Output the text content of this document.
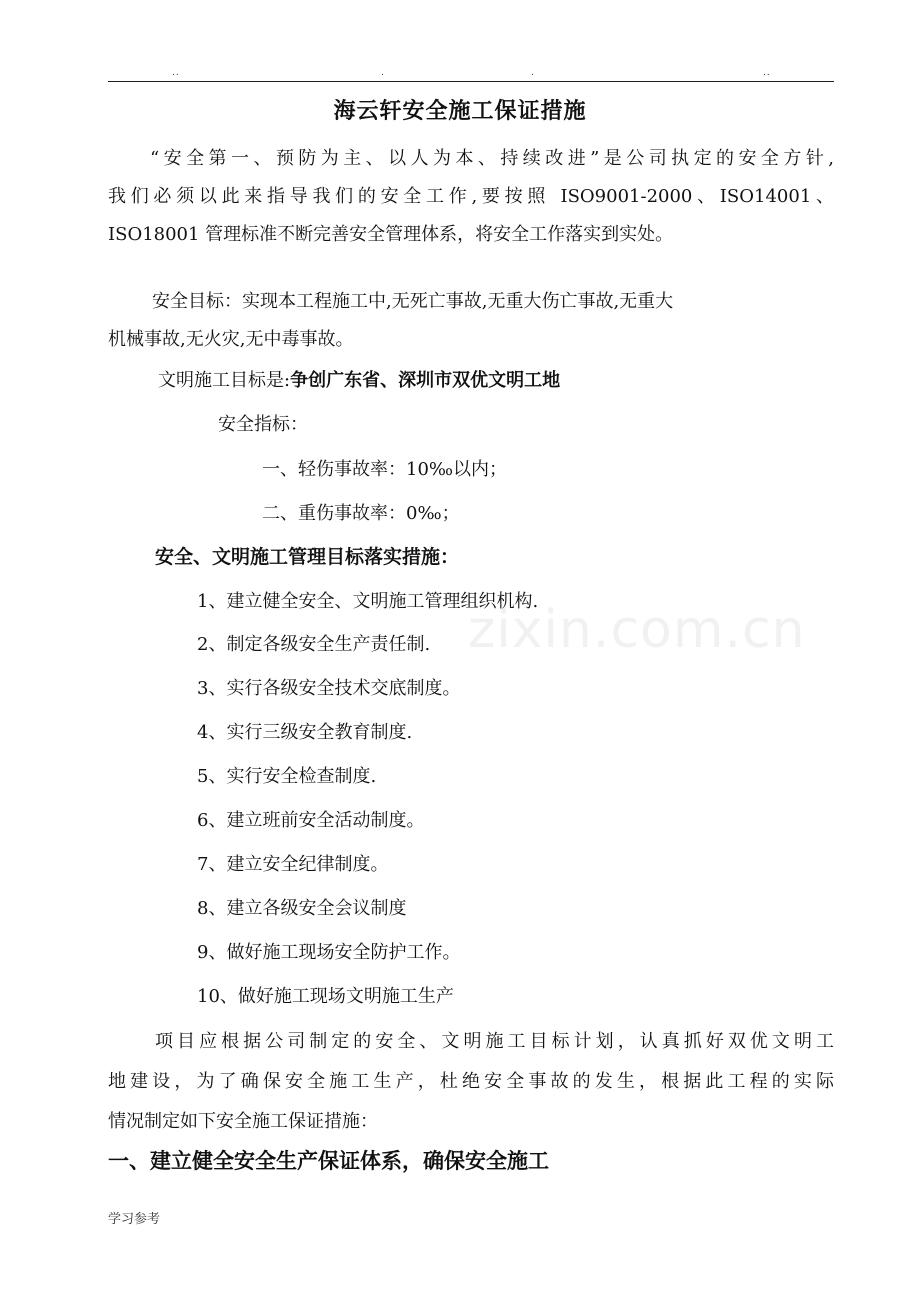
..	.	.	..
海云轩安全施工保证措施
“安全第一、预防为主、以人为本、持续改进”是公司执定的安全方针,
我们必须以此来指导我们的安全工作,要按照 ISO9001-2000、ISO14001、
ISO18001 管理标准不断完善安全管理体系，将安全工作落实到实处。
安全目标：实现本工程施工中,无死亡事故,无重大伤亡事故,无重大
机械事故,无火灾,无中毒事故。
文明施工目标是:争创广东省、深圳市双优文明工地
安全指标：
一、轻伤事故率：10‰以内；
二、重伤事故率：0‰；
安全、文明施工管理目标落实措施：
1、建立健全安全、文明施工管理组织机构.
2、制定各级安全生产责任制.
3、实行各级安全技术交底制度。
4、实行三级安全教育制度.
5、实行安全检查制度.
6、建立班前安全活动制度。
7、建立安全纪律制度。
8、建立各级安全会议制度
9、做好施工现场安全防护工作。
10、做好施工现场文明施工生产
项目应根据公司制定的安全、文明施工目标计划，认真抓好双优文明工
地建设，为了确保安全施工生产，杜绝安全事故的发生，根据此工程的实际
情况制定如下安全施工保证措施：
一、建立健全安全生产保证体系，确保安全施工
zixin.com.cn
学习参考
